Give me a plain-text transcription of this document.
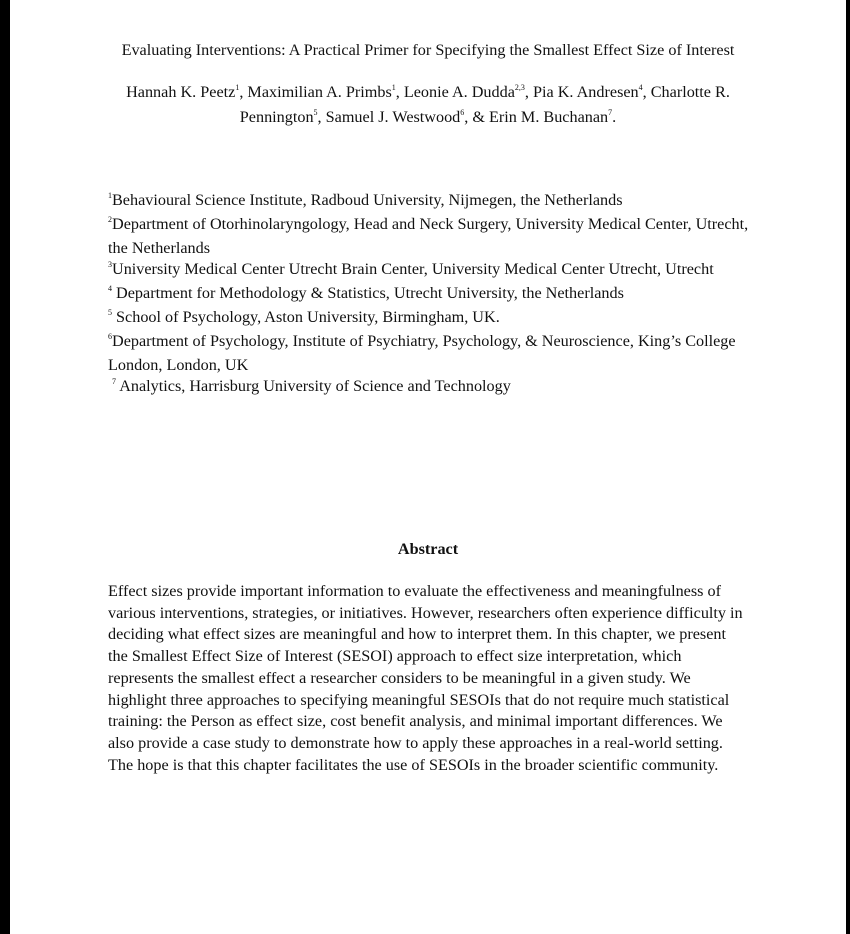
Evaluating Interventions: A Practical Primer for Specifying the Smallest Effect Size of Interest
Hannah K. Peetz$^1$, Maximilian A. Primbs$^1$, Leonie A. Dudda$^{2,3}$, Pia K. Andresen$^4$, Charlotte R. Pennington$^5$, Samuel J. Westwood$^6$, & Erin M. Buchanan$^7$.

$^1$Behavioural Science Institute, Radboud University, Nijmegen, the Netherlands

$^2$Department of Otorhinolaryngology, Head and Neck Surgery, University Medical Center, Utrecht, the Netherlands

$^3$University Medical Center Utrecht Brain Center, University Medical Center Utrecht, Utrecht

$^4$ Department for Methodology & Statistics, Utrecht University, the Netherlands

$^5$ School of Psychology, Aston University, Birmingham, UK.

$^6$Department of Psychology, Institute of Psychiatry, Psychology, & Neuroscience, King’s College London, London, UK

$^7$ Analytics, Harrisburg University of Science and Technology

Abstract
Effect sizes provide important information to evaluate the effectiveness and meaningfulness of various interventions, strategies, or initiatives. However, researchers often experience difficulty in deciding what effect sizes are meaningful and how to interpret them. In this chapter, we present the Smallest Effect Size of Interest (SESOI) approach to effect size interpretation, which represents the smallest effect a researcher considers to be meaningful in a given study. We highlight three approaches to specifying meaningful SESOIs that do not require much statistical training: the Person as effect size, cost benefit analysis, and minimal important differences. We also provide a case study to demonstrate how to apply these approaches in a real-world setting. The hope is that this chapter facilitates the use of SESOIs in the broader scientific community.
